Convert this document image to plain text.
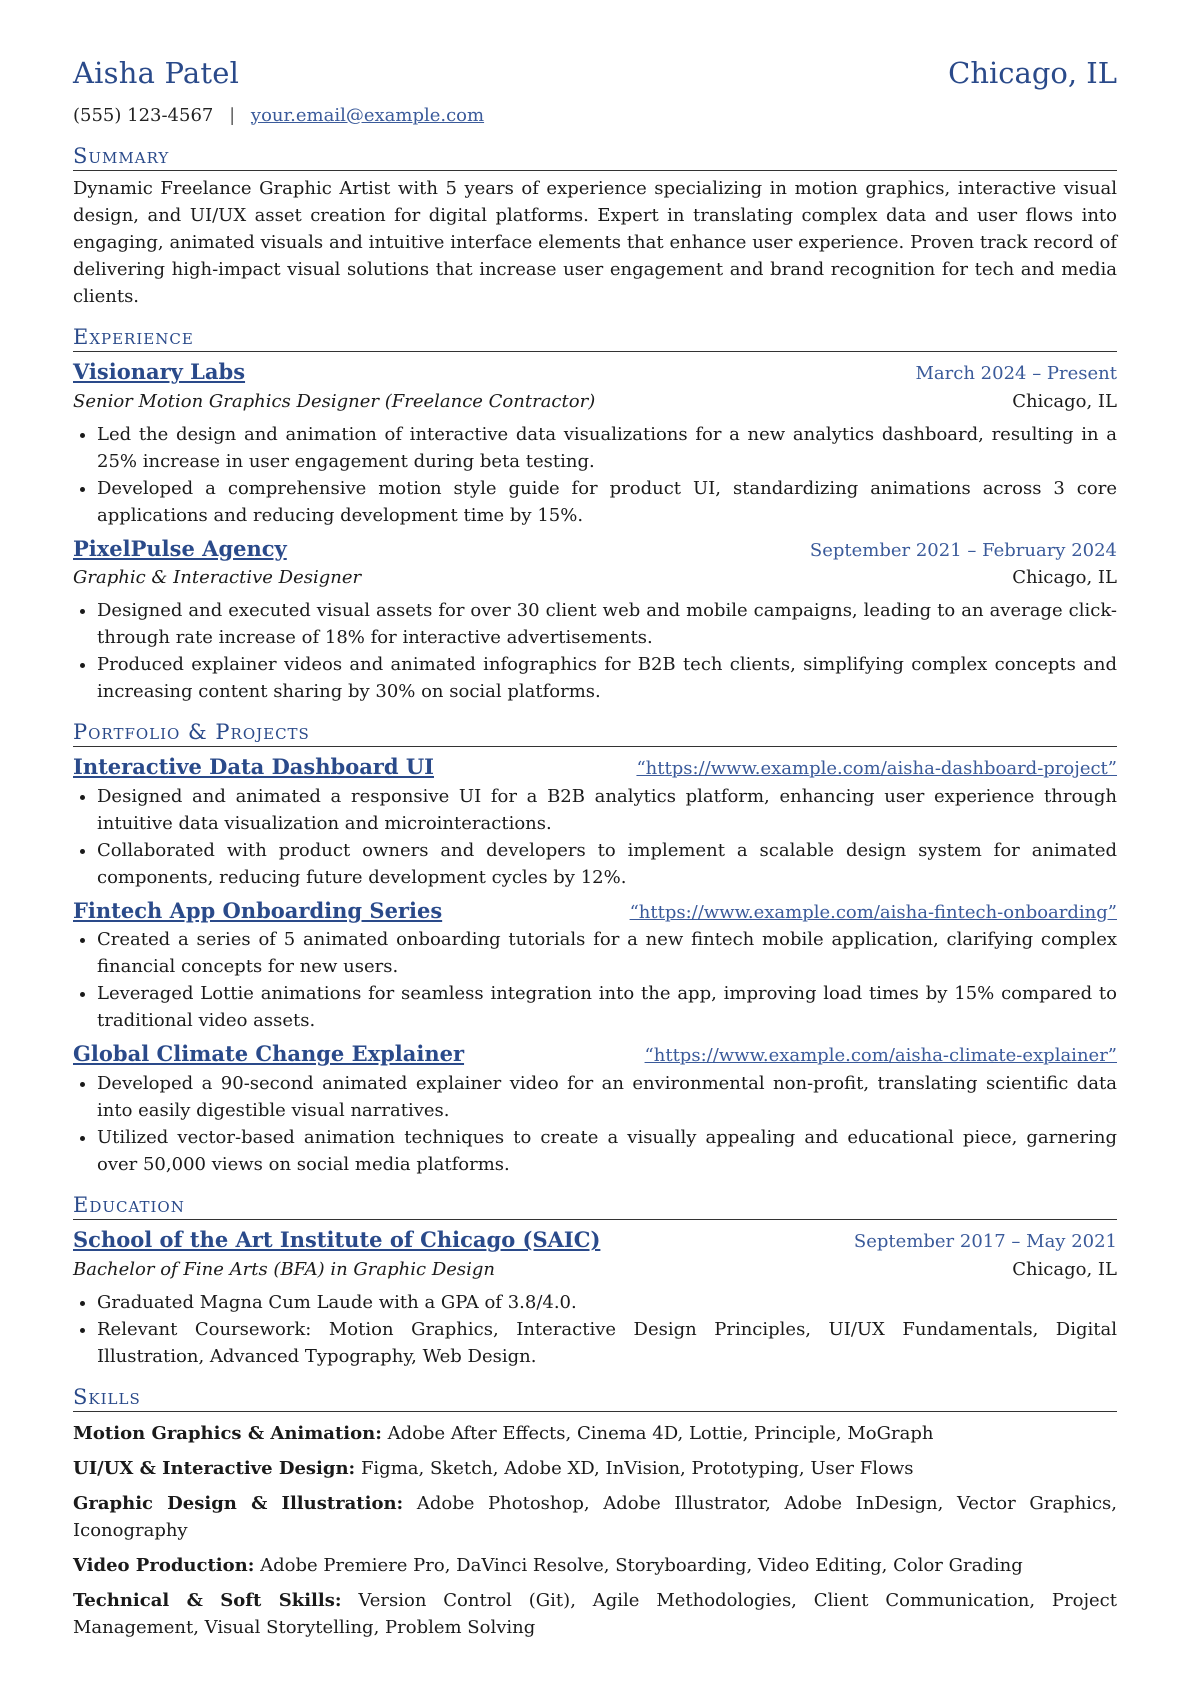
Aisha Patel	Chicago, IL
(555) 123-4567 | your.email@example.com
Summary

Dynamic Freelance Graphic Artist with 5 years of experience specializing in motion graphics, interactive visual design, and UI/UX asset creation for digital platforms. Expert in translating complex data and user flows into engaging, animated visuals and intuitive interface elements that enhance user experience. Proven track record of delivering high-impact visual solutions that increase user engagement and brand recognition for tech and media clients.

Experience
Visionary Labs	March 2024 – Present
Senior Motion Graphics Designer (Freelance Contractor)	Chicago, IL
• Led the design and animation of interactive data visualizations for a new analytics dashboard, resulting in a 25% increase in user engagement during beta testing.
• Developed a comprehensive motion style guide for product UI, standardizing animations across 3 core applications and reducing development time by 15%.
PixelPulse Agency	September 2021 – February 2024
Graphic & Interactive Designer	Chicago, IL
• Designed and executed visual assets for over 30 client web and mobile campaigns, leading to an average click-through rate increase of 18% for interactive advertisements.
• Produced explainer videos and animated infographics for B2B tech clients, simplifying complex concepts and increasing content sharing by 30% on social platforms.
Portfolio & Projects
Interactive Data Dashboard UI	“https://www.example.com/aisha-dashboard-project”
• Designed and animated a responsive UI for a B2B analytics platform, enhancing user experience through intuitive data visualization and microinteractions.
• Collaborated with product owners and developers to implement a scalable design system for animated components, reducing future development cycles by 12%.
Fintech App Onboarding Series	“https://www.example.com/aisha-fintech-onboarding”
• Created a series of 5 animated onboarding tutorials for a new fintech mobile application, clarifying complex financial concepts for new users.
• Leveraged Lottie animations for seamless integration into the app, improving load times by 15% compared to traditional video assets.
Global Climate Change Explainer	“https://www.example.com/aisha-climate-explainer”
• Developed a 90-second animated explainer video for an environmental non-profit, translating scientific data into easily digestible visual narratives.
• Utilized vector-based animation techniques to create a visually appealing and educational piece, garnering over 50,000 views on social media platforms.
Education
School of the Art Institute of Chicago (SAIC)	September 2017 – May 2021
Bachelor of Fine Arts (BFA) in Graphic Design	Chicago, IL
• Graduated Magna Cum Laude with a GPA of 3.8/4.0.
• Relevant Coursework: Motion Graphics, Interactive Design Principles, UI/UX Fundamentals, Digital Illustration, Advanced Typography, Web Design.
Skills

Motion Graphics & Animation: Adobe After Effects, Cinema 4D, Lottie, Principle, MoGraph

UI/UX & Interactive Design: Figma, Sketch, Adobe XD, InVision, Prototyping, User Flows

Graphic Design & Illustration: Adobe Photoshop, Adobe Illustrator, Adobe InDesign, Vector Graphics, Iconography

Video Production: Adobe Premiere Pro, DaVinci Resolve, Storyboarding, Video Editing, Color Grading

Technical & Soft Skills: Version Control (Git), Agile Methodologies, Client Communication, Project Management, Visual Storytelling, Problem Solving
